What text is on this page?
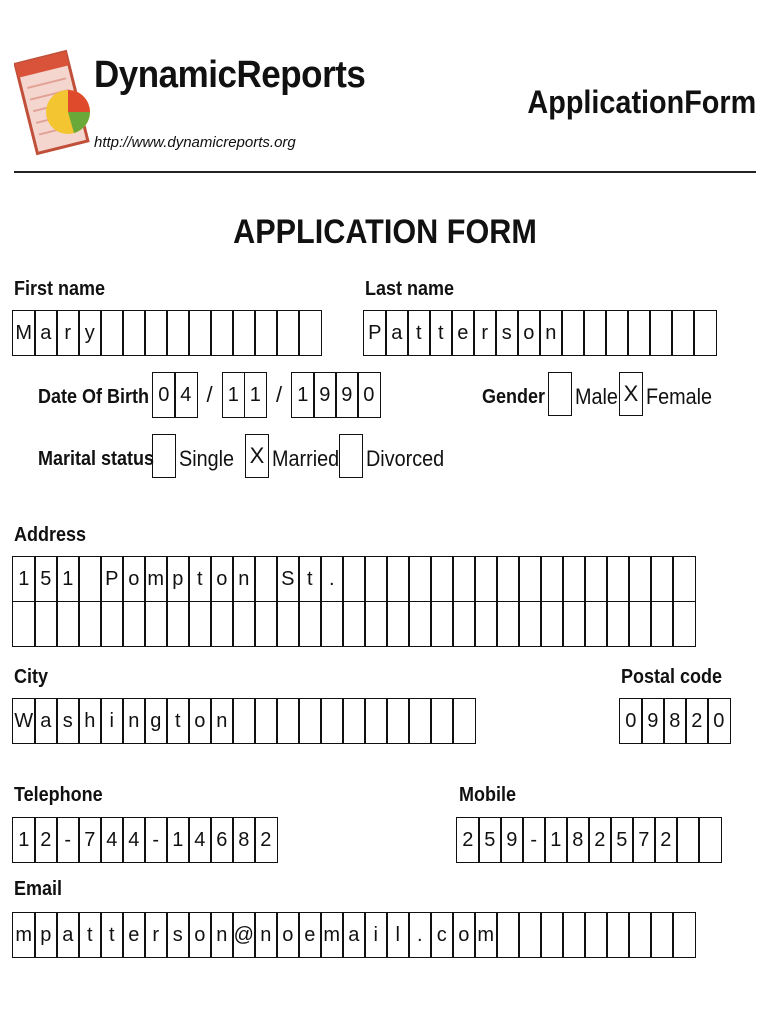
DynamicReports
http://www.dynamicreports.org
ApplicationForm
APPLICATION FORM
First name
M a r y
Last name
P a t t e r s o n
Date Of Birth 0 4 / 1 1 / 1 9 9 0	Gender Male X Female
Marital status Single X Married Divorced
Address
1 5 1	P o m p t o n	S t .
City
W a s h i n g t o n
Postal code
0 9 8 2 0
Telephone
1 2 - 7 4 4 - 1 4 6 8 2
Mobile
2 5 9 - 1 8 2 5 7 2
Email
m p a t t e r s o n @ n o e m a i l . c o m
